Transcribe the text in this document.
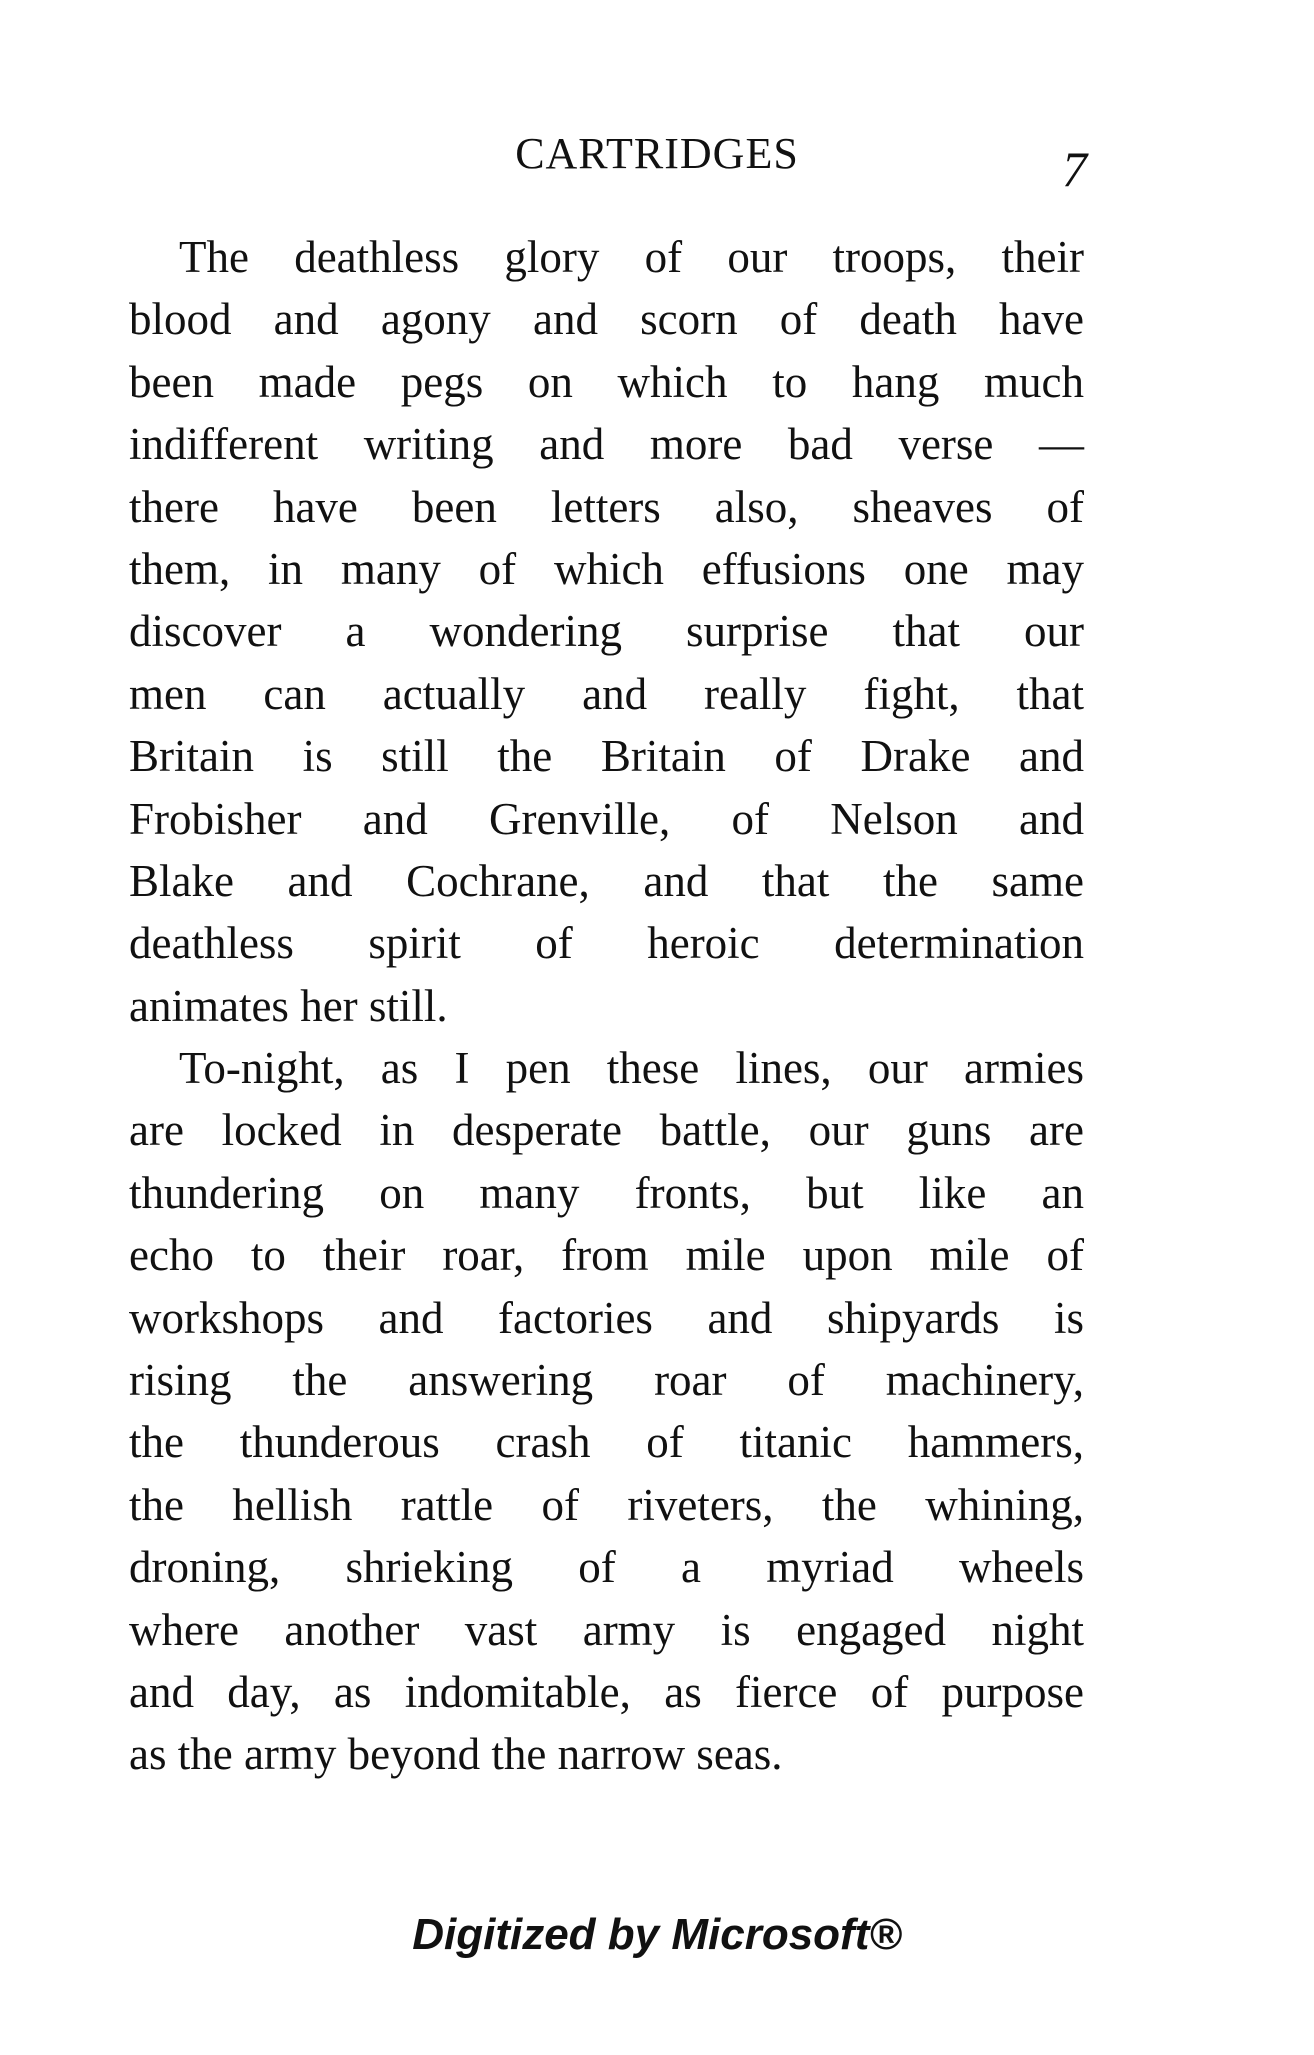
CARTRIDGES	7
The deathless glory of our troops, their
blood and agony and scorn of death have
been made pegs on which to hang much
indifferent writing and more bad verse —
there have been letters also, sheaves of
them, in many of which effusions one may
discover a wondering surprise that our
men can actually and really fight, that
Britain is still the Britain of Drake and
Frobisher and Grenville, of Nelson and
Blake and Cochrane, and that the same
deathless spirit of heroic determination
animates her still.
To-night, as I pen these lines, our armies
are locked in desperate battle, our guns are
thundering on many fronts, but like an
echo to their roar, from mile upon mile of
workshops and factories and shipyards is
rising the answering roar of machinery,
the thunderous crash of titanic hammers,
the hellish rattle of riveters, the whining,
droning, shrieking of a myriad wheels
where another vast army is engaged night
and day, as indomitable, as fierce of purpose
as the army beyond the narrow seas.
Digitized by Microsoft®
